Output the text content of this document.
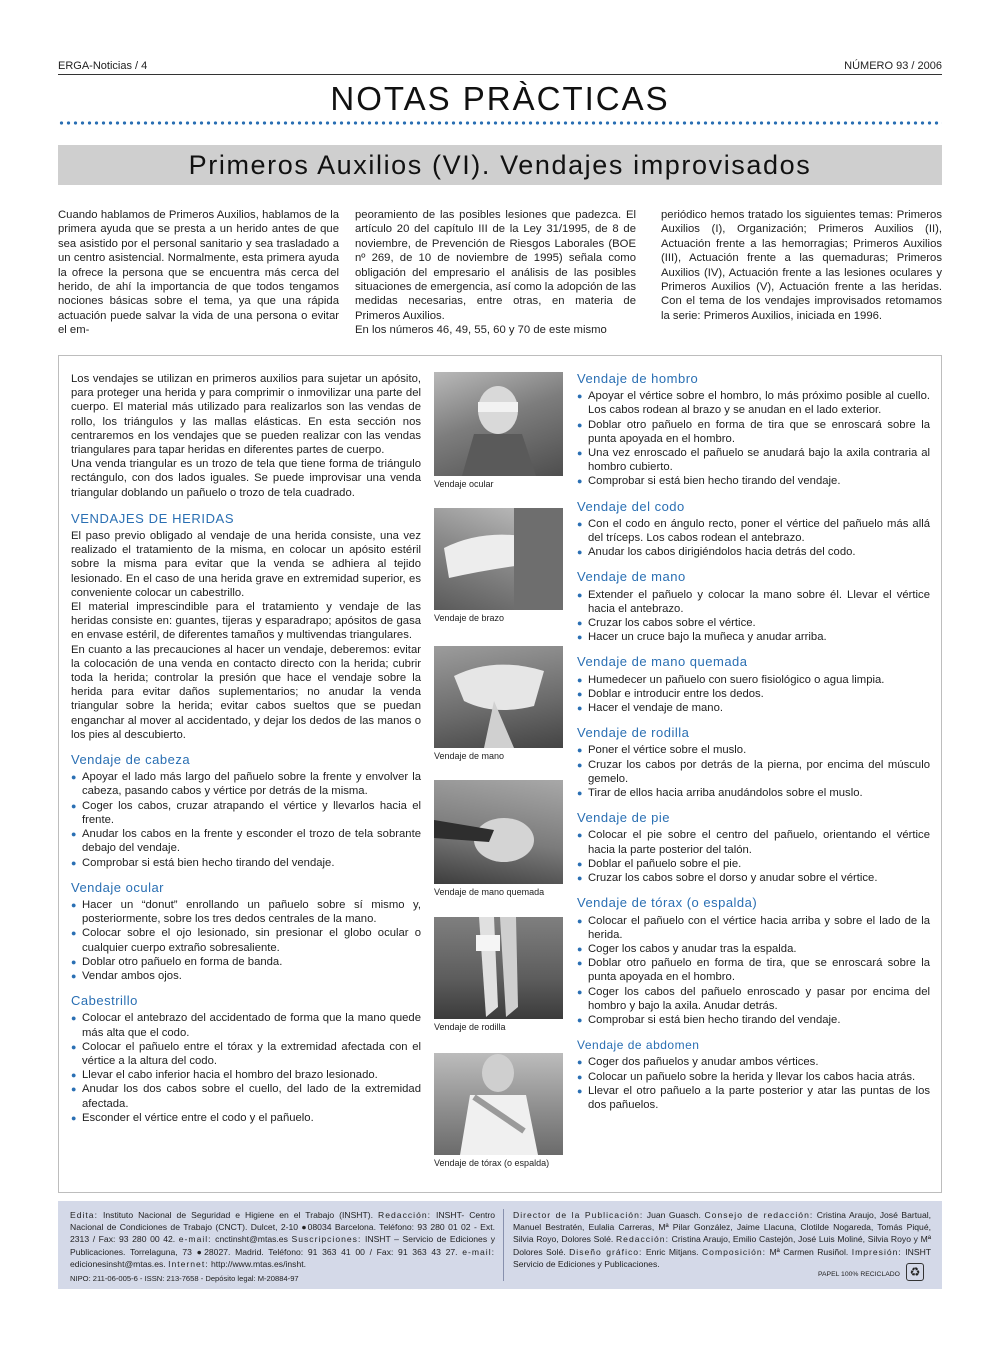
ERGA-Noticias / 4	NÚMERO 93 / 2006
NOTAS PRÀCTICAS
Primeros Auxilios (VI). Vendajes improvisados
Cuando hablamos de Primeros Auxilios, hablamos de la primera ayuda que se presta a un herido antes de que sea asistido por el personal sanitario y sea trasladado a un centro asistencial. Normalmente, esta primera ayuda la ofrece la persona que se encuentra más cerca del herido, de ahí la importancia de que todos tengamos nociones básicas sobre el tema, ya que una rápida actuación puede salvar la vida de una persona o evitar el em-

peoramiento de las posibles lesiones que padezca. El artículo 20 del capítulo III de la Ley 31/1995, de 8 de noviembre, de Prevención de Riesgos Laborales (BOE nº 269, de 10 de noviembre de 1995) señala como obligación del empresario el análisis de las posibles situaciones de emergencia, así como la adopción de las medidas necesarias, entre otras, en materia de Primeros Auxilios.

En los números 46, 49, 55, 60 y 70 de este mismo

periódico hemos tratado los siguientes temas: Primeros Auxilios (I), Organización; Primeros Auxilios (II), Actuación frente a las hemorragias; Primeros Auxilios (III), Actuación frente a las quemaduras; Primeros Auxilios (IV), Actuación frente a las lesiones oculares y Primeros Auxilios (V), Actuación frente a las heridas. Con el tema de los vendajes improvisados retomamos la serie: Primeros Auxilios, iniciada en 1996.

Los vendajes se utilizan en primeros auxilios para sujetar un apósito, para proteger una herida y para comprimir o inmovilizar una parte del cuerpo. El material más utilizado para realizarlos son las vendas de rollo, los triángulos y las mallas elásticas. En esta sección nos centraremos en los vendajes que se pueden realizar con las vendas triangulares para tapar heridas en diferentes partes de cuerpo.

Una venda triangular es un trozo de tela que tiene forma de triángulo rectángulo, con dos lados iguales. Se puede improvisar una venda triangular doblando un pañuelo o trozo de tela cuadrado.

VENDAJES DE HERIDAS

El paso previo obligado al vendaje de una herida consiste, una vez realizado el tratamiento de la misma, en colocar un apósito estéril sobre la misma para evitar que la venda se adhiera al tejido lesionado. En el caso de una herida grave en extremidad superior, es conveniente colocar un cabestrillo.

El material imprescindible para el tratamiento y vendaje de las heridas consiste en: guantes, tijeras y esparadrapo; apósitos de gasa en envase estéril, de diferentes tamaños y multivendas triangulares.

En cuanto a las precauciones al hacer un vendaje, deberemos: evitar la colocación de una venda en contacto directo con la herida; cubrir toda la herida; controlar la presión que hace el vendaje sobre la herida para evitar daños suplementarios; no anudar la venda triangular sobre la herida; evitar cabos sueltos que se puedan enganchar al mover al accidentado, y dejar los dedos de las manos o los pies al descubierto.

Vendaje de cabeza
● Apoyar el lado más largo del pañuelo sobre la frente y envolver la cabeza, pasando cabos y vértice por detrás de la misma.
● Coger los cabos, cruzar atrapando el vértice y llevarlos hacia el frente.
● Anudar los cabos en la frente y esconder el trozo de tela sobrante debajo del vendaje.
● Comprobar si está bien hecho tirando del vendaje.
Vendaje ocular
● Hacer un “donut” enrollando un pañuelo sobre sí mismo y, posteriormente, sobre los tres dedos centrales de la mano.
● Colocar sobre el ojo lesionado, sin presionar el globo ocular o cualquier cuerpo extraño sobresaliente.
● Doblar otro pañuelo en forma de banda.
● Vendar ambos ojos.
Cabestrillo
● Colocar el antebrazo del accidentado de forma que la mano quede más alta que el codo.
● Colocar el pañuelo entre el tórax y la extremidad afectada con el vértice a la altura del codo.
● Llevar el cabo inferior hacia el hombro del brazo lesionado.
● Anudar los dos cabos sobre el cuello, del lado de la extremidad afectada.
● Esconder el vértice entre el codo y el pañuelo.
Vendaje ocular
Vendaje de brazo
Vendaje de mano
Vendaje de mano quemada
Vendaje de rodilla
Vendaje de tórax (o espalda)
Vendaje de hombro
● Apoyar el vértice sobre el hombro, lo más próximo posible al cuello. Los cabos rodean al brazo y se anudan en el lado exterior.
● Doblar otro pañuelo en forma de tira que se enroscará sobre la punta apoyada en el hombro.
● Una vez enroscado el pañuelo se anudará bajo la axila contraria al hombro cubierto.
● Comprobar si está bien hecho tirando del vendaje.
Vendaje del codo
● Con el codo en ángulo recto, poner el vértice del pañuelo más allá del tríceps. Los cabos rodean el antebrazo.
● Anudar los cabos dirigiéndolos hacia detrás del codo.
Vendaje de mano
● Extender el pañuelo y colocar la mano sobre él. Llevar el vértice hacia el antebrazo.
● Cruzar los cabos sobre el vértice.
● Hacer un cruce bajo la muñeca y anudar arriba.
Vendaje de mano quemada
● Humedecer un pañuelo con suero fisiológico o agua limpia.
● Doblar e introducir entre los dedos.
● Hacer el vendaje de mano.
Vendaje de rodilla
● Poner el vértice sobre el muslo.
● Cruzar los cabos por detrás de la pierna, por encima del músculo gemelo.
● Tirar de ellos hacia arriba anudándolos sobre el muslo.
Vendaje de pie
● Colocar el pie sobre el centro del pañuelo, orientando el vértice hacia la parte posterior del talón.
● Doblar el pañuelo sobre el pie.
● Cruzar los cabos sobre el dorso y anudar sobre el vértice.
Vendaje de tórax (o espalda)
● Colocar el pañuelo con el vértice hacia arriba y sobre el lado de la herida.
● Coger los cabos y anudar tras la espalda.
● Doblar otro pañuelo en forma de tira, que se enroscará sobre la punta apoyada en el hombro.
● Coger los cabos del pañuelo enroscado y pasar por encima del hombro y bajo la axila. Anudar detrás.
● Comprobar si está bien hecho tirando del vendaje.
Vendaje de abdomen
● Coger dos pañuelos y anudar ambos vértices.
● Colocar un pañuelo sobre la herida y llevar los cabos hacia atrás.
● Llevar el otro pañuelo a la parte posterior y atar las puntas de los dos pañuelos.
Edita: Instituto Nacional de Seguridad e Higiene en el Trabajo (INSHT). Redacción: INSHT- Centro Nacional de Condiciones de Trabajo (CNCT). Dulcet, 2-10 ●08034 Barcelona. Teléfono: 93 280 01 02 - Ext. 2313 / Fax: 93 280 00 42. e-mail: cnctinsht@mtas.es Suscripciones: INSHT – Servicio de Ediciones y Publicaciones. Torrelaguna, 73 ●28027. Madrid. Teléfono: 91 363 41 00 / Fax: 91 363 43 27. e-mail: edicionesinsht@mtas.es. Internet: http://www.mtas.es/insht.
Director de la Publicación: Juan Guasch. Consejo de redacción: Cristina Araujo, José Bartual, Manuel Bestratén, Eulalia Carreras, Mª Pilar González, Jaime Llacuna, Clotilde Nogareda, Tomás Piqué, Silvia Royo, Dolores Solé. Redacción: Cristina Araujo, Emilio Castejón, José Luis Moliné, Silvia Royo y Mª Dolores Solé. Diseño gráfico: Enric Mitjans. Composición: Mª Carmen Rusiñol. Impresión: INSHT Servicio de Ediciones y Publicaciones.
NIPO: 211-06-005-6 - ISSN: 213-7658 - Depósito legal: M-20884-97	PAPEL 100% RECICLADO ♻
